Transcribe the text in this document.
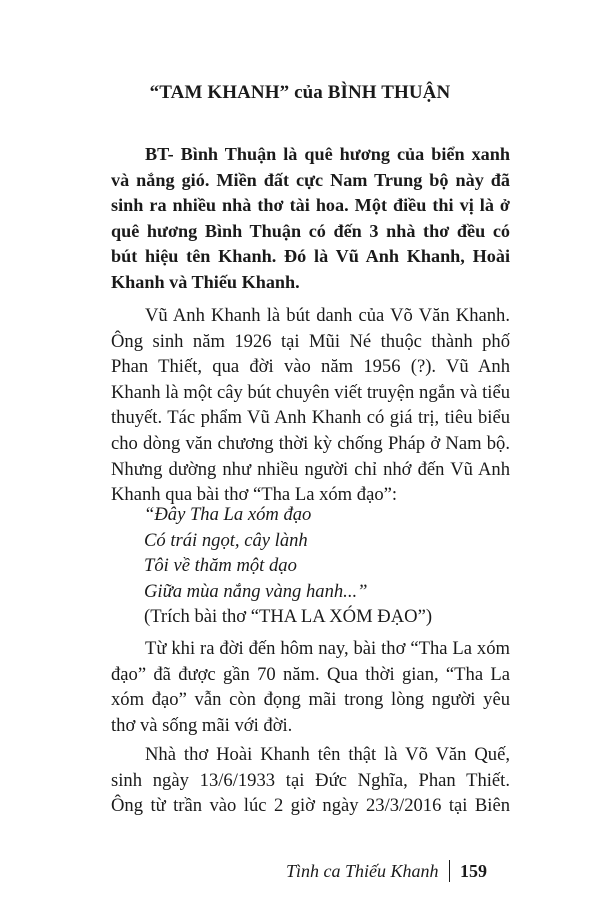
“TAM KHANH” của BÌNH THUẬN

BT- Bình Thuận là quê hương của biển xanh
và nắng gió. Miền đất cực Nam Trung bộ này đã
sinh ra nhiều nhà thơ tài hoa. Một điều thi vị là ở
quê hương Bình Thuận có đến 3 nhà thơ đều có
bút hiệu tên Khanh. Đó là Vũ Anh Khanh, Hoài
Khanh và Thiếu Khanh.

Vũ Anh Khanh là bút danh của Võ Văn Khanh.
Ông sinh năm 1926 tại Mũi Né thuộc thành phố
Phan Thiết, qua đời vào năm 1956 (?). Vũ Anh
Khanh là một cây bút chuyên viết truyện ngắn và tiểu
thuyết. Tác phẩm Vũ Anh Khanh có giá trị, tiêu biểu
cho dòng văn chương thời kỳ chống Pháp ở Nam bộ.
Nhưng dường như nhiều người chỉ nhớ đến Vũ Anh
Khanh qua bài thơ “Tha La xóm đạo”:

“Đây Tha La xóm đạo
Có trái ngọt, cây lành
Tôi về thăm một dạo
Giữa mùa nắng vàng hanh...”
(Trích bài thơ “THA LA XÓM ĐẠO”)

Từ khi ra đời đến hôm nay, bài thơ “Tha La xóm
đạo” đã được gần 70 năm. Qua thời gian, “Tha La
xóm đạo” vẫn còn đọng mãi trong lòng người yêu
thơ và sống mãi với đời.

Nhà thơ Hoài Khanh tên thật là Võ Văn Quế,
sinh ngày 13/6/1933 tại Đức Nghĩa, Phan Thiết.
Ông từ trần vào lúc 2 giờ ngày 23/3/2016 tại Biên

Tình ca Thiếu Khanh 159
